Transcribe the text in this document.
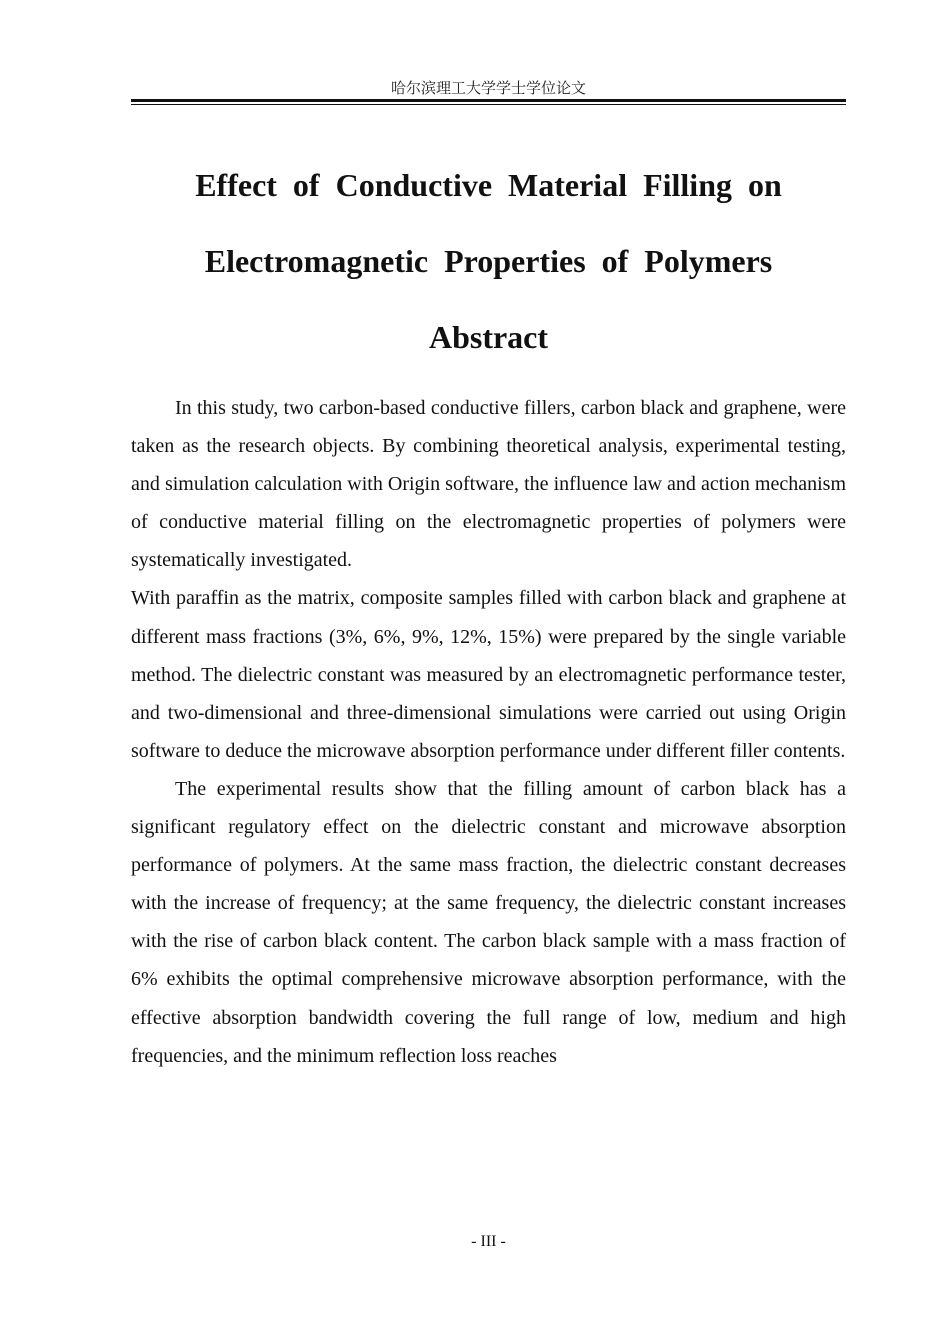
哈尔滨理工大学学士学位论文
Effect of Conductive Material Filling on Electromagnetic Properties of Polymers
Abstract

In this study, two carbon-based conductive fillers, carbon black and graphene, were taken as the research objects. By combining theoretical analysis, experimental testing, and simulation calculation with Origin software, the influence law and action mechanism of conductive material filling on the electromagnetic properties of polymers were systematically investigated.

With paraffin as the matrix, composite samples filled with carbon black and graphene at different mass fractions (3%, 6%, 9%, 12%, 15%) were prepared by the single variable method. The dielectric constant was measured by an electromagnetic performance tester, and two-dimensional and three-dimensional simulations were carried out using Origin software to deduce the microwave absorption performance under different filler contents.

The experimental results show that the filling amount of carbon black has a significant regulatory effect on the dielectric constant and microwave absorption performance of polymers. At the same mass fraction, the dielectric constant decreases with the increase of frequency; at the same frequency, the dielectric constant increases with the rise of carbon black content. The carbon black sample with a mass fraction of 6% exhibits the optimal comprehensive microwave absorption performance, with the effective absorption bandwidth covering the full range of low, medium and high frequencies, and the minimum reflection loss reaches

- III -
